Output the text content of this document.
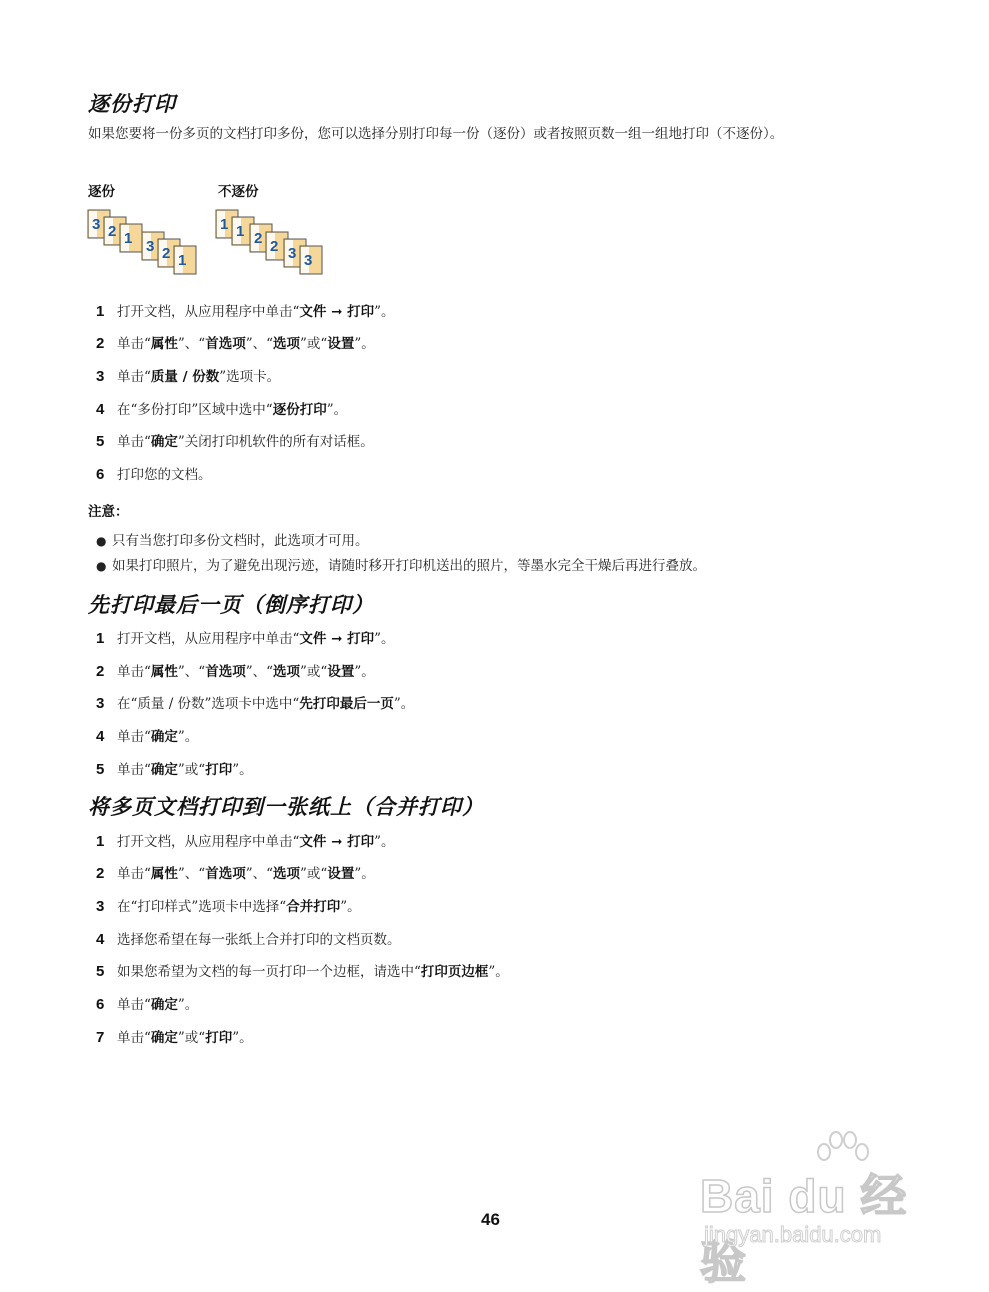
逐份打印

如果您要将一份多页的文档打印多份，您可以选择分别打印每一份（逐份）或者按照页数一组一组地打印（不逐份）。

逐份	不逐份
3 2 1 3 2 1
1 1 2 2 3 3
1 打开文档，从应用程序中单击“文件 ➞ 打印”。
2 单击“属性”、“首选项”、“选项”或“设置”。
3 单击“质量 / 份数”选项卡。
4 在“多份打印”区域中选中“逐份打印”。
5 单击“确定”关闭打印机软件的所有对话框。
6 打印您的文档。
注意：
● 只有当您打印多份文档时，此选项才可用。
● 如果打印照片，为了避免出现污迹，请随时移开打印机送出的照片，等墨水完全干燥后再进行叠放。
先打印最后一页（倒序打印）
1 打开文档，从应用程序中单击“文件 ➞ 打印”。
2 单击“属性”、“首选项”、“选项”或“设置”。
3 在“质量 / 份数”选项卡中选中“先打印最后一页”。
4 单击“确定”。
5 单击“确定”或“打印”。
将多页文档打印到一张纸上（合并打印）
1 打开文档，从应用程序中单击“文件 ➞ 打印”。
2 单击“属性”、“首选项”、“选项”或“设置”。
3 在“打印样式”选项卡中选择“合并打印”。
4 选择您希望在每一张纸上合并打印的文档页数。
5 如果您希望为文档的每一页打印一个边框，请选中“打印页边框”。
6 单击“确定”。
7 单击“确定”或“打印”。
46	Bai du 经验
jingyan.baidu.com
